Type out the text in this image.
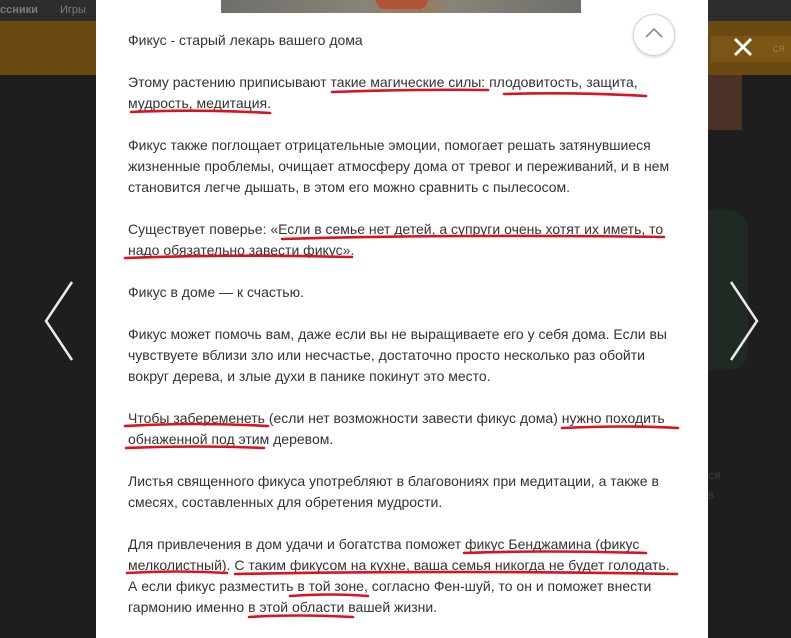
ссники Игры
ся
ся
в

Фикус - старый лекарь вашего дома

Этому растению приписывают такие магические силы: плодовитость, защита, мудрость, медитация.

Фикус также поглощает отрицательные эмоции, помогает решать затянувшиеся жизненные проблемы, очищает атмосферу дома от тревог и переживаний, и в нем становится легче дышать, в этом его можно сравнить с пылесосом.

Существует поверье: «Если в семье нет детей, а супруги очень хотят их иметь, то надо обязательно завести фикус».

Фикус в доме — к счастью.

Фикус может помочь вам, даже если вы не выращиваете его у себя дома. Если вы чувствуете вблизи зло или несчастье, достаточно просто несколько раз обойти вокруг дерева, и злые духи в панике покинут это место.

Чтобы забеременеть (если нет возможности завести фикус дома) нужно походить обнаженной под этим деревом.

Листья священного фикуса употребляют в благовониях при медитации, а также в смесях, составленных для обретения мудрости.

Для привлечения в дом удачи и богатства поможет фикус Бенджамина (фикус мелколистный). С таким фикусом на кухне, ваша семья никогда не будет голодать. А если фикус разместить в той зоне, согласно Фен-шуй, то он и поможет внести гармонию именно в этой области вашей жизни.
